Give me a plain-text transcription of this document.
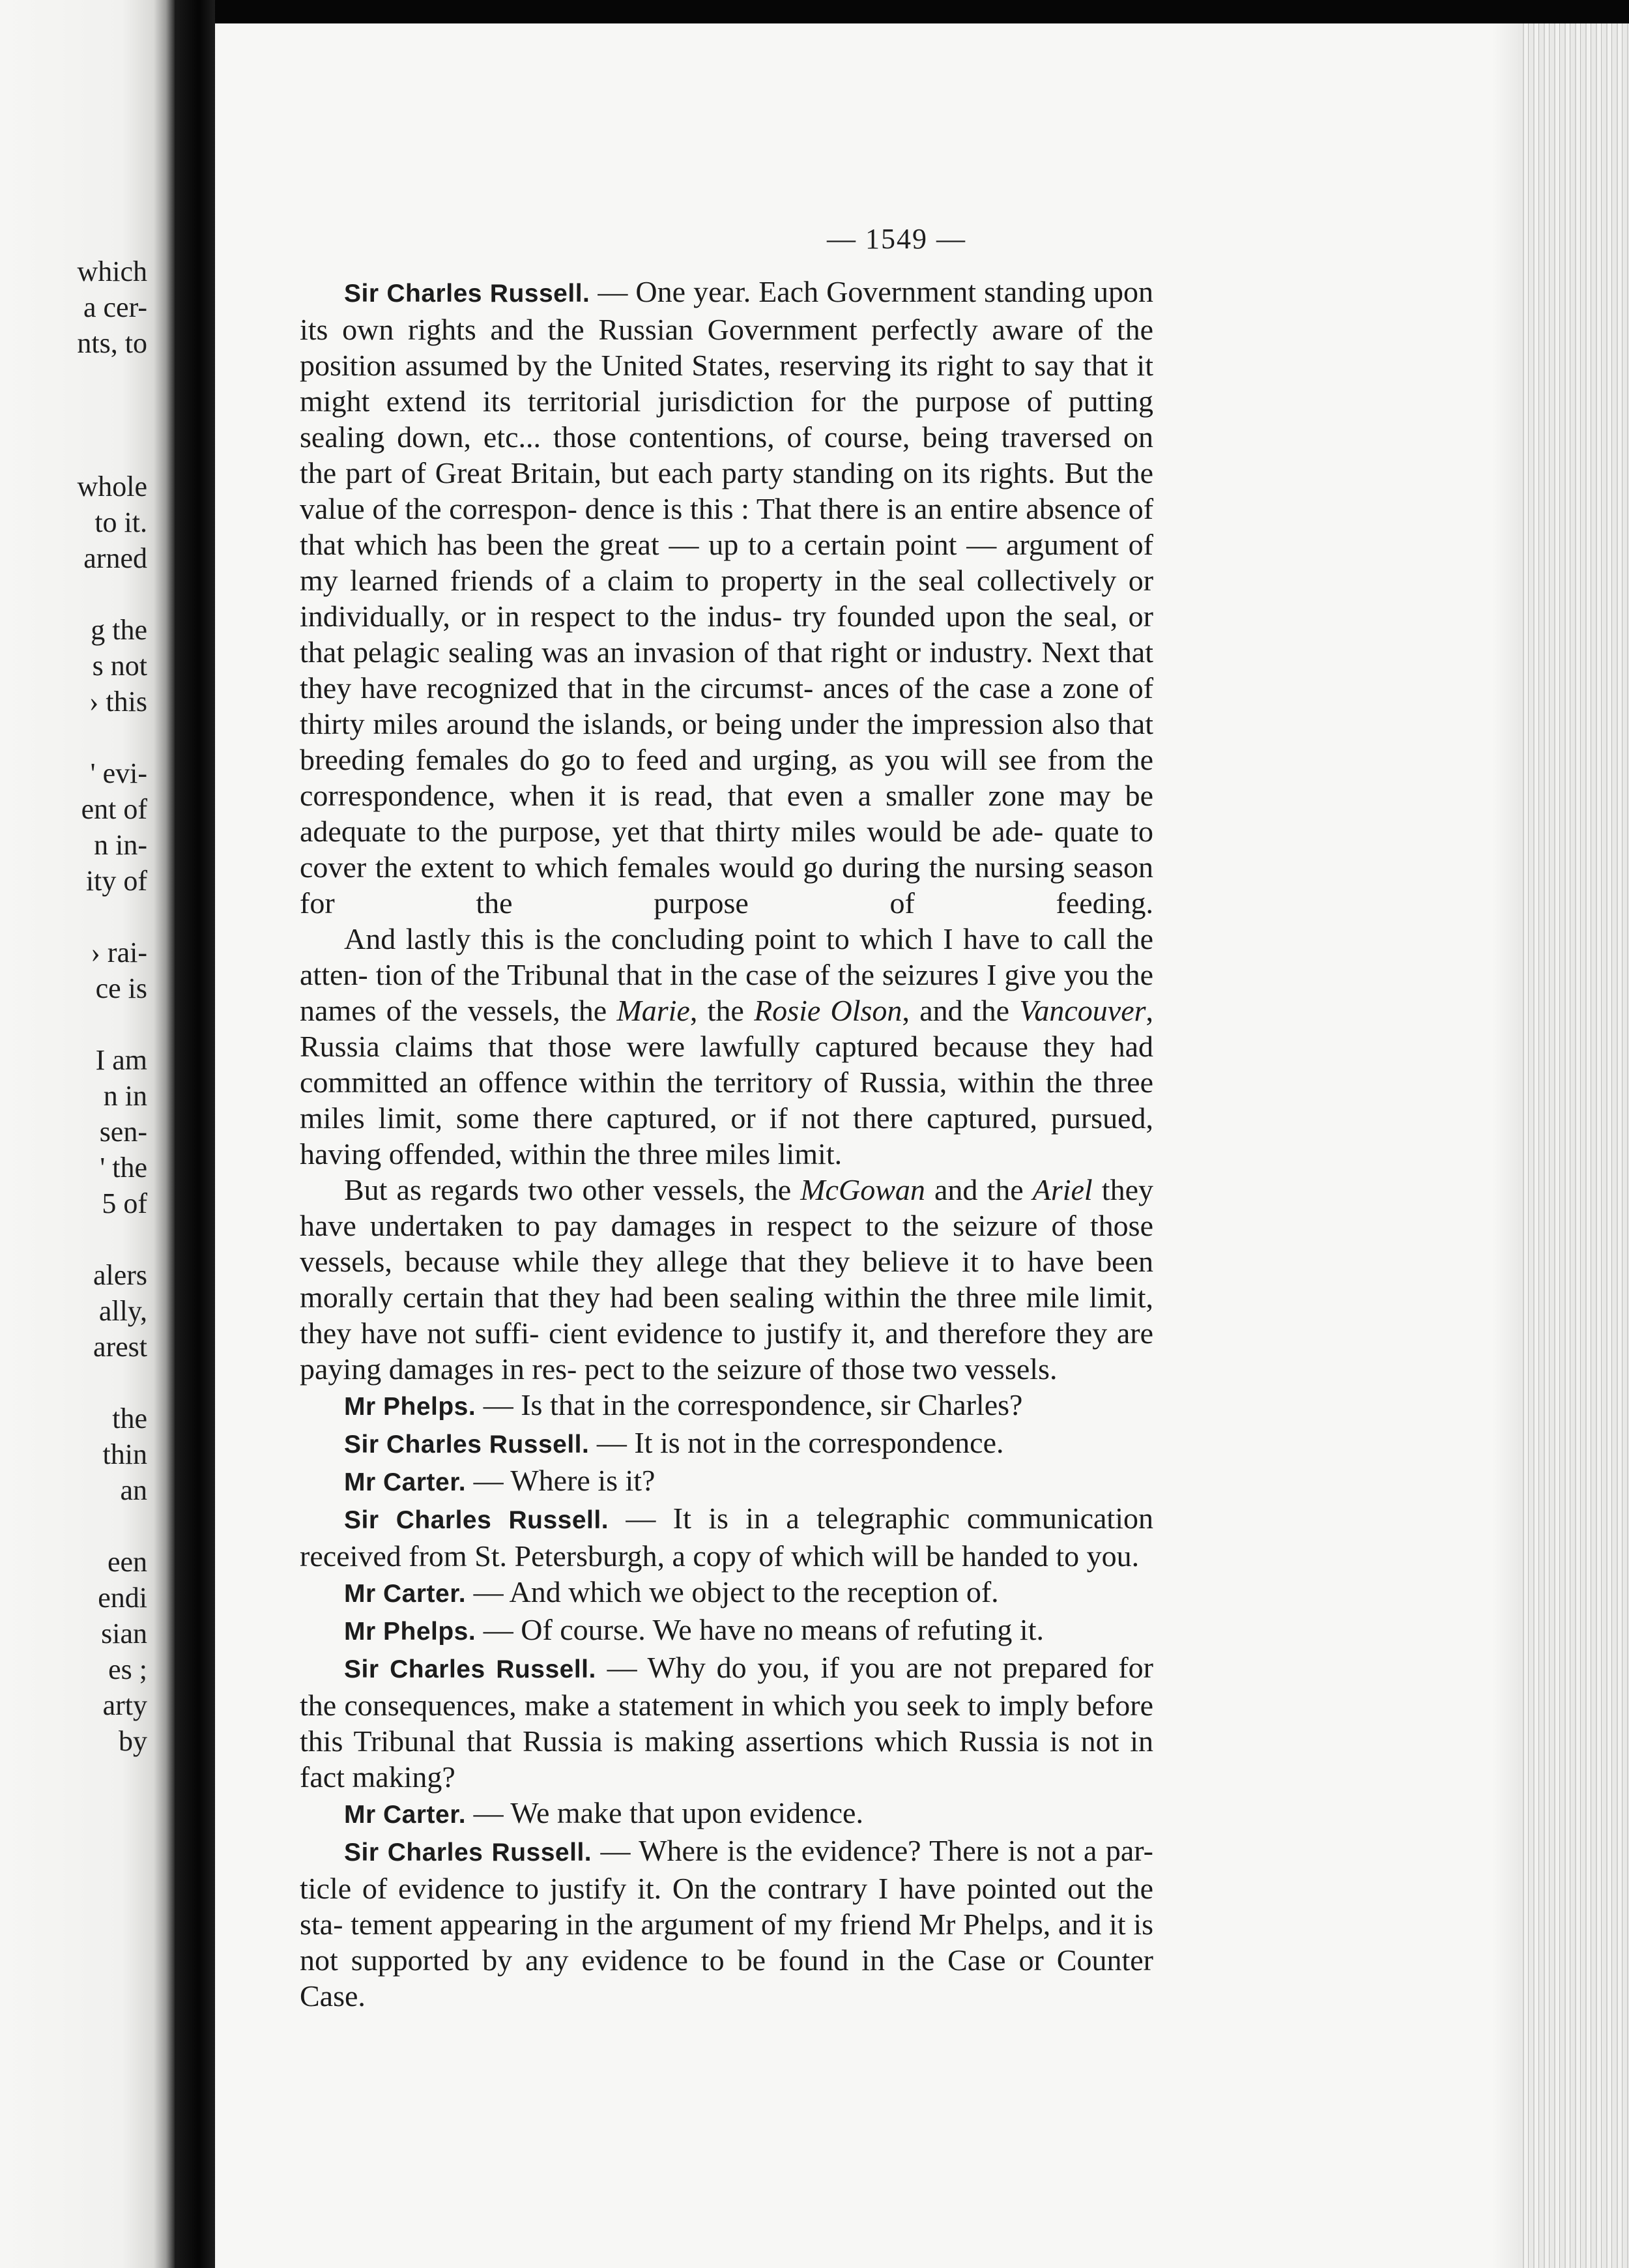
which
a cer-
nts, to
whole
to it.
arned
g the
s not
› this
' evi-
ent of
n in-
ity of
› rai-
ce is
I am
n in
sen-
' the
5 of
alers
ally,
arest
the
thin
an
een
endi
sian
es ;
arty
by
— 1549 —

Sir Charles Russell. — One year. Each Government standing upon its own rights and the Russian Government perfectly aware of the position assumed by the United States, reserving its right to say that it might extend its territorial jurisdiction for the purpose of putting sealing down, etc... those contentions, of course, being traversed on the part of Great Britain, but each party standing on its rights. But the value of the correspon- dence is this : That there is an entire absence of that which has been the great — up to a certain point — argument of my learned friends of a claim to property in the seal collectively or individually, or in respect to the indus- try founded upon the seal, or that pelagic sealing was an invasion of that right or industry. Next that they have recognized that in the circumst- ances of the case a zone of thirty miles around the islands, or being under the impression also that breeding females do go to feed and urging, as you will see from the correspondence, when it is read, that even a smaller zone may be adequate to the purpose, yet that thirty miles would be ade- quate to cover the extent to which females would go during the nursing season for the purpose of feeding.

And lastly this is the concluding point to which I have to call the atten- tion of the Tribunal that in the case of the seizures I give you the names of the vessels, the Marie, the Rosie Olson, and the Vancouver, Russia claims that those were lawfully captured because they had committed an offence within the territory of Russia, within the three miles limit, some there captured, or if not there captured, pursued, having offended, within the three miles limit.

But as regards two other vessels, the McGowan and the Ariel they have undertaken to pay damages in respect to the seizure of those vessels, because while they allege that they believe it to have been morally certain that they had been sealing within the three mile limit, they have not suffi- cient evidence to justify it, and therefore they are paying damages in res- pect to the seizure of those two vessels.

Mr Phelps. — Is that in the correspondence, sir Charles?

Sir Charles Russell. — It is not in the correspondence.

Mr Carter. — Where is it?

Sir Charles Russell. — It is in a telegraphic communication received from St. Petersburgh, a copy of which will be handed to you.

Mr Carter. — And which we object to the reception of.

Mr Phelps. — Of course. We have no means of refuting it.

Sir Charles Russell. — Why do you, if you are not prepared for the consequences, make a statement in which you seek to imply before this Tribunal that Russia is making assertions which Russia is not in fact making?

Mr Carter. — We make that upon evidence.

Sir Charles Russell. — Where is the evidence? There is not a par- ticle of evidence to justify it. On the contrary I have pointed out the sta- tement appearing in the argument of my friend Mr Phelps, and it is not supported by any evidence to be found in the Case or Counter Case.
